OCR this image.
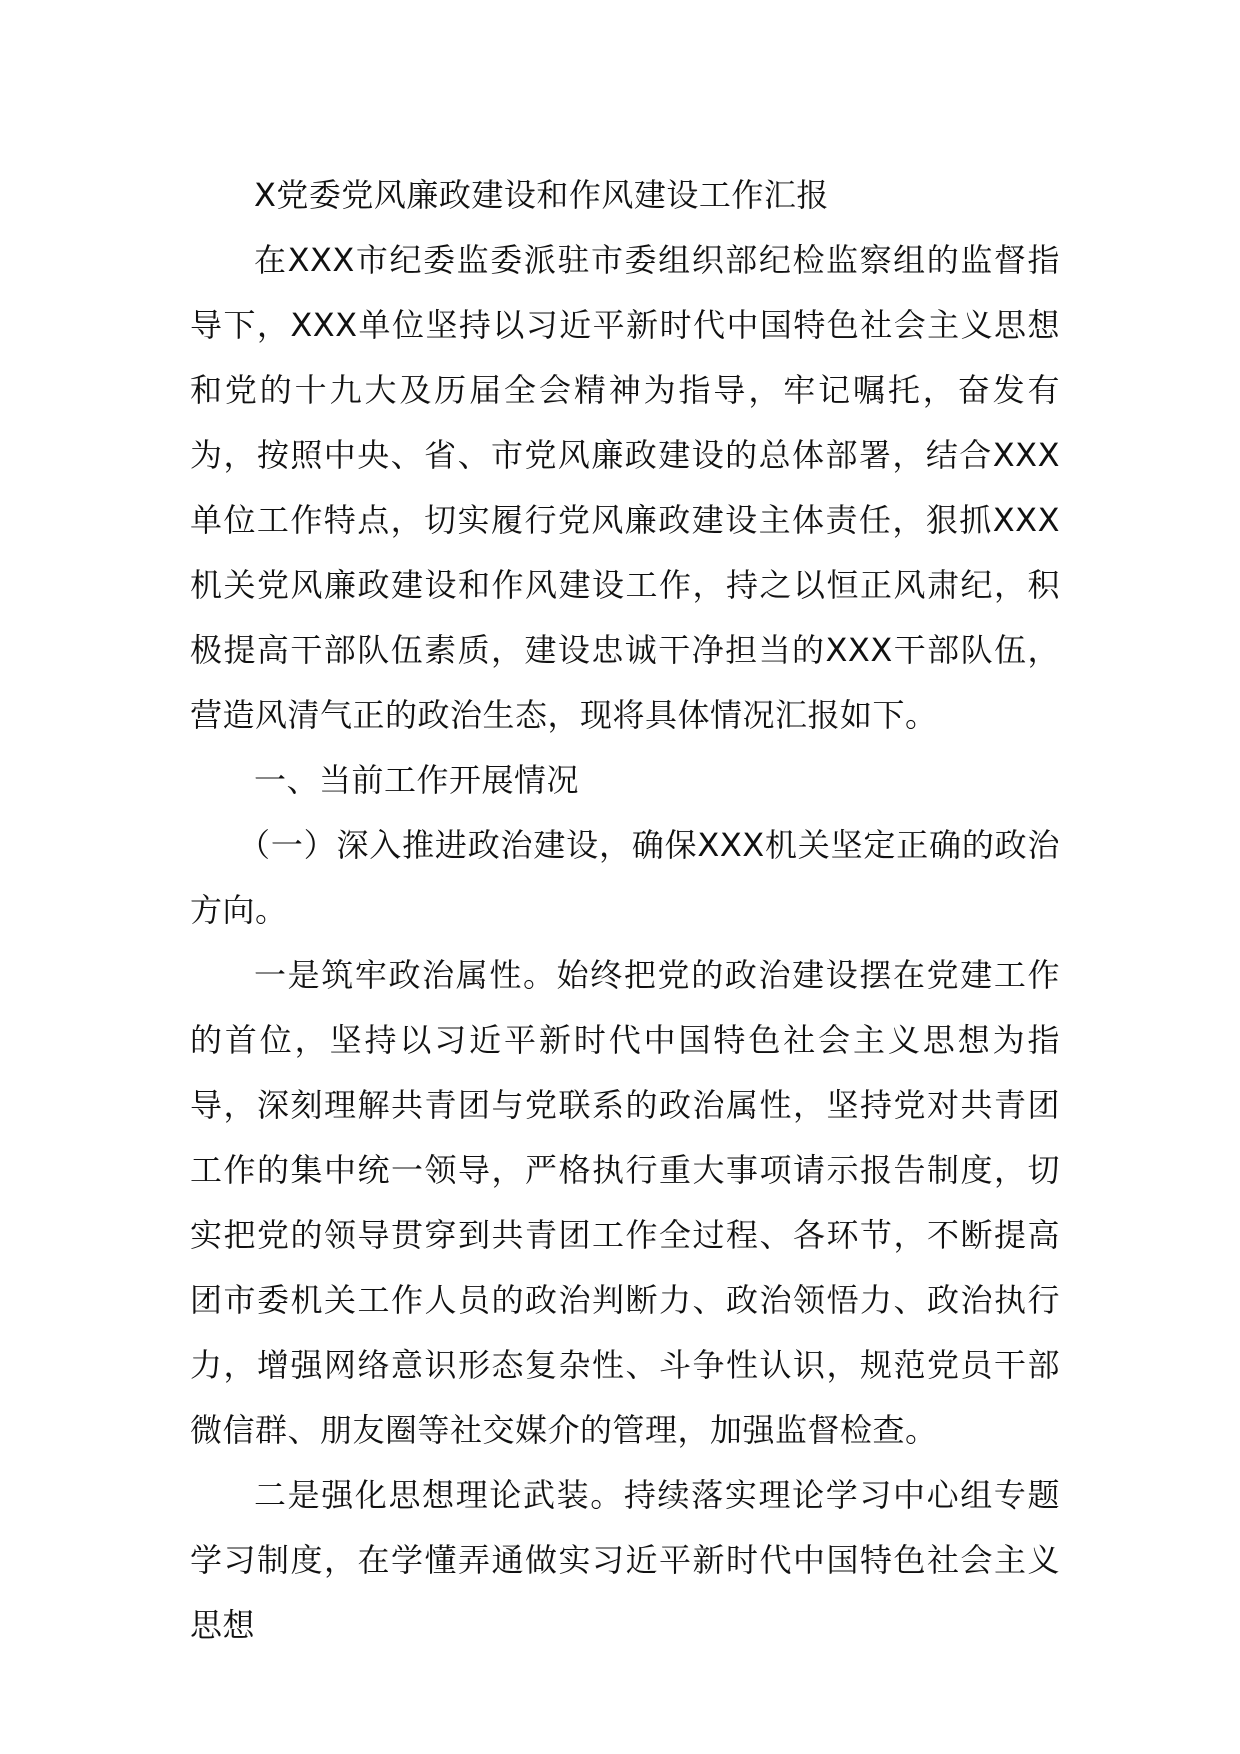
X党委党风廉政建设和作风建设工作汇报

在XXX市纪委监委派驻市委组织部纪检监察组的监督指导下，XXX单位坚持以习近平新时代中国特色社会主义思想和党的十九大及历届全会精神为指导，牢记嘱托，奋发有为，按照中央、省、市党风廉政建设的总体部署，结合XXX单位工作特点，切实履行党风廉政建设主体责任，狠抓XXX机关党风廉政建设和作风建设工作，持之以恒正风肃纪，积极提高干部队伍素质，建设忠诚干净担当的XXX干部队伍，营造风清气正的政治生态，现将具体情况汇报如下。

一、当前工作开展情况

（一）深入推进政治建设，确保XXX机关坚定正确的政治方向。

一是筑牢政治属性。始终把党的政治建设摆在党建工作的首位，坚持以习近平新时代中国特色社会主义思想为指导，深刻理解共青团与党联系的政治属性，坚持党对共青团工作的集中统一领导，严格执行重大事项请示报告制度，切实把党的领导贯穿到共青团工作全过程、各环节，不断提高团市委机关工作人员的政治判断力、政治领悟力、政治执行力，增强网络意识形态复杂性、斗争性认识，规范党员干部微信群、朋友圈等社交媒介的管理，加强监督检查。

二是强化思想理论武装。持续落实理论学习中心组专题学习制度，在学懂弄通做实习近平新时代中国特色社会主义思想
